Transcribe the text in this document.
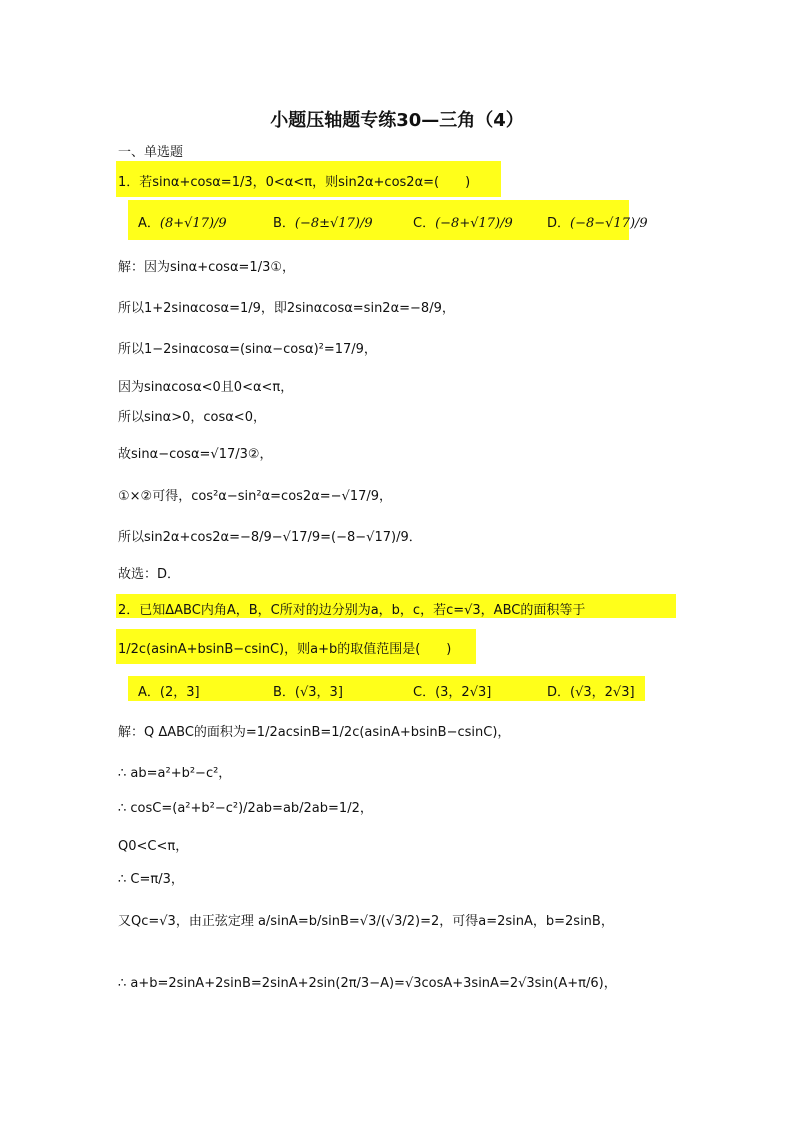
小题压轴题专练30—三角（4）
一、单选题
1．若sinα+cosα=1/3，0<α<π，则sin2α+cos2α=(　　)
A．(8+√17)/9	B．(−8±√17)/9	C．(−8+√17)/9	D．(−8−√17)/9
解：因为sinα+cosα=1/3①，
所以1+2sinαcosα=1/9，即2sinαcosα=sin2α=−8/9，
所以1−2sinαcosα=(sinα−cosα)²=17/9，
因为sinαcosα<0且0<α<π，
所以sinα>0，cosα<0，
故sinα−cosα=√17/3②，
①×②可得，cos²α−sin²α=cos2α=−√17/9，
所以sin2α+cos2α=−8/9−√17/9=(−8−√17)/9．
故选：D．
2．已知ΔABC内角A，B，C所对的边分别为a，b，c，若c=√3，ABC的面积等于
1/2c(asinA+bsinB−csinC)，则a+b的取值范围是(　　)
A．(2，3]	B．(√3，3]	C．(3，2√3]	D．(√3，2√3]
解：Q ΔABC的面积为=1/2acsinB=1/2c(asinA+bsinB−csinC)，
∴ ab=a²+b²−c²，
∴ cosC=(a²+b²−c²)/2ab=ab/2ab=1/2，
Q0<C<π，
∴ C=π/3，
又Qc=√3，由正弦定理 a/sinA=b/sinB=√3/(√3/2)=2，可得a=2sinA，b=2sinB，
∴ a+b=2sinA+2sinB=2sinA+2sin(2π/3−A)=√3cosA+3sinA=2√3sin(A+π/6)，
